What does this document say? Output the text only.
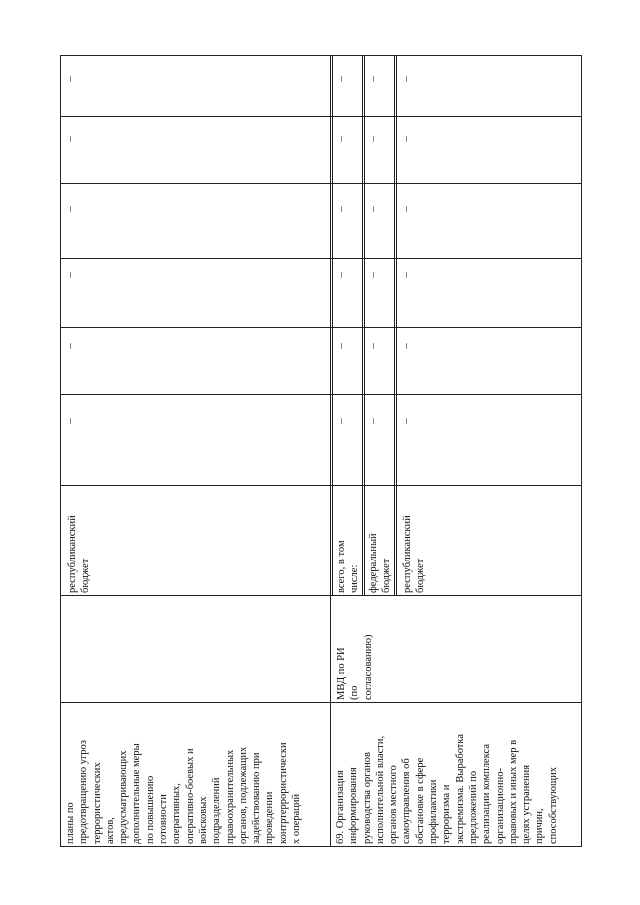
планы по
предотвращению угроз
террористических
актов,
предусматривающих
дополнительные меры
по повышению
готовности
оперативных,
оперативно-боевых и
войсковых
подразделений
правоохранительных
органов, подлежащих
задействованию при
проведении
контртеррористически
х операций
республиканский
бюджет
–
–
–
–
–
–
69. Организация
информирования
руководства органов
исполнительной власти,
органов местного
самоуправления об
обстановке в сфере
профилактики
терроризма и
экстремизма. Выработка
предложений по
реализации комплекса
организационно-
правовых и иных мер в
целях устранения
причин,
способствующих
МВД по РИ
(по
согласованию)
всего, в том
числе: федеральный
бюджет республиканский
бюджет
–
–
–
–
–
–
–
–
–
–
–
–
–
–
–
–
–
–
